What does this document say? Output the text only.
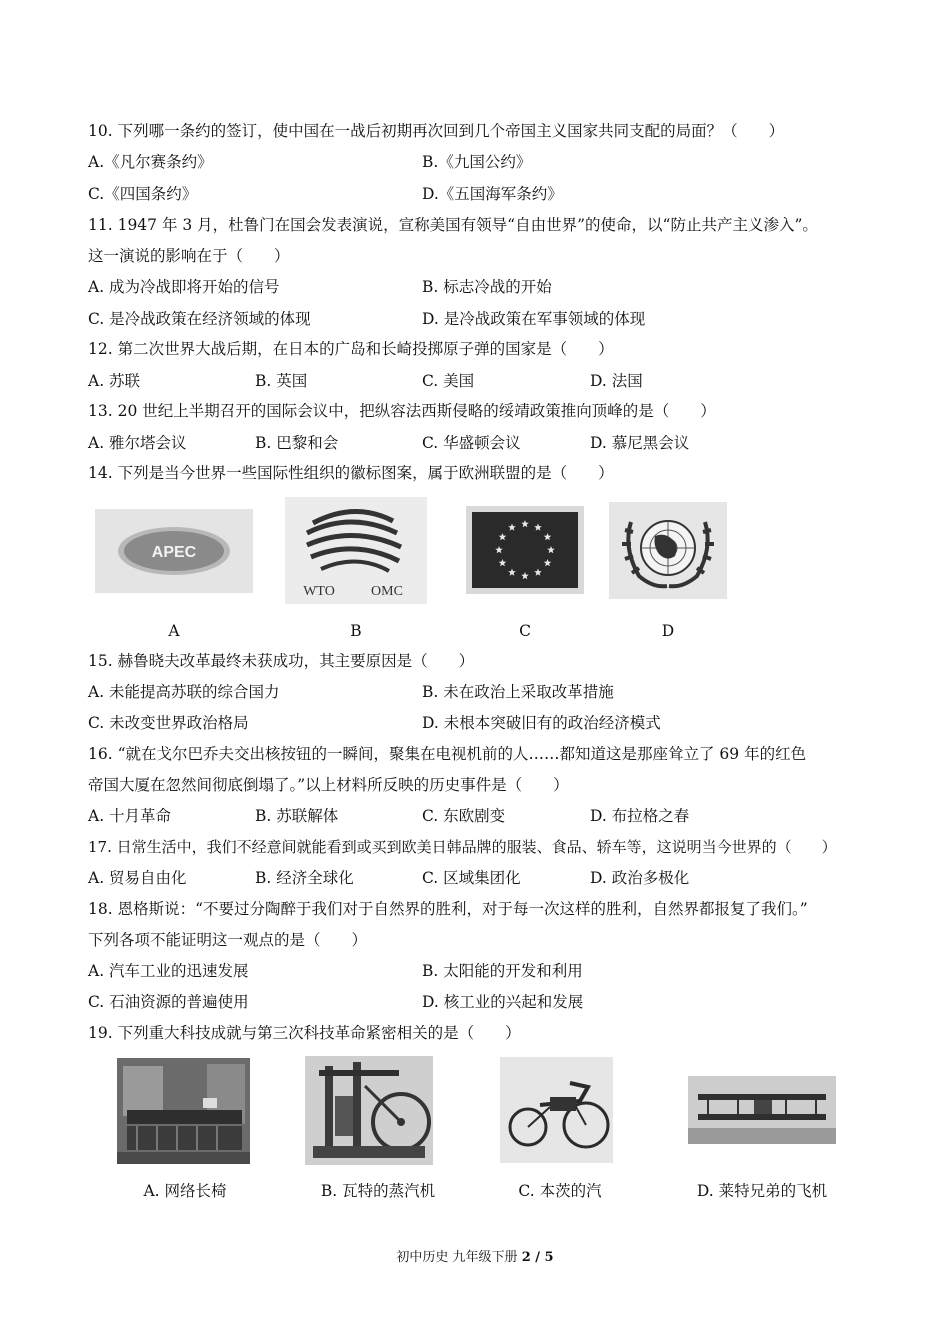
10. 下列哪一条约的签订，使中国在一战后初期再次回到几个帝国主义国家共同支配的局面？（　　）
A.《凡尔赛条约》	B.《九国公约》
C.《四国条约》	D.《五国海军条约》
11. 1947 年 3 月，杜鲁门在国会发表演说，宣称美国有领导“自由世界”的使命，以“防止共产主义渗入”。
这一演说的影响在于（　　）
A. 成为冷战即将开始的信号	B. 标志冷战的开始
C. 是冷战政策在经济领域的体现	D. 是冷战政策在军事领域的体现
12. 第二次世界大战后期，在日本的广岛和长崎投掷原子弹的国家是（　　）
A. 苏联	B. 英国	C. 美国	D. 法国
13. 20 世纪上半期召开的国际会议中，把纵容法西斯侵略的绥靖政策推向顶峰的是（　　）
A. 雅尔塔会议	B. 巴黎和会	C. 华盛顿会议	D. 慕尼黑会议
14. 下列是当今世界一些国际性组织的徽标图案，属于欧洲联盟的是（　　）
APEC
WTO	OMC
A	B	C	D
15. 赫鲁晓夫改革最终未获成功，其主要原因是（　　）
A. 未能提高苏联的综合国力	B. 未在政治上采取改革措施
C. 未改变世界政治格局	D. 未根本突破旧有的政治经济模式
16. “就在戈尔巴乔夫交出核按钮的一瞬间，聚集在电视机前的人……都知道这是那座耸立了 69 年的红色
帝国大厦在忽然间彻底倒塌了。”以上材料所反映的历史事件是（　　）
A. 十月革命	B. 苏联解体	C. 东欧剧变	D. 布拉格之春
17. 日常生活中，我们不经意间就能看到或买到欧美日韩品牌的服装、食品、轿车等，这说明当今世界的（　　）
A. 贸易自由化	B. 经济全球化	C. 区域集团化	D. 政治多极化
18. 恩格斯说：“不要过分陶醉于我们对于自然界的胜利，对于每一次这样的胜利，自然界都报复了我们。”
下列各项不能证明这一观点的是（　　）
A. 汽车工业的迅速发展	B. 太阳能的开发和利用
C. 石油资源的普遍使用	D. 核工业的兴起和发展
19. 下列重大科技成就与第三次科技革命紧密相关的是（　　）
A. 网络长椅	B. 瓦特的蒸汽机	C. 本茨的汽	D. 莱特兄弟的飞机
初中历史 九年级下册 2 / 5
